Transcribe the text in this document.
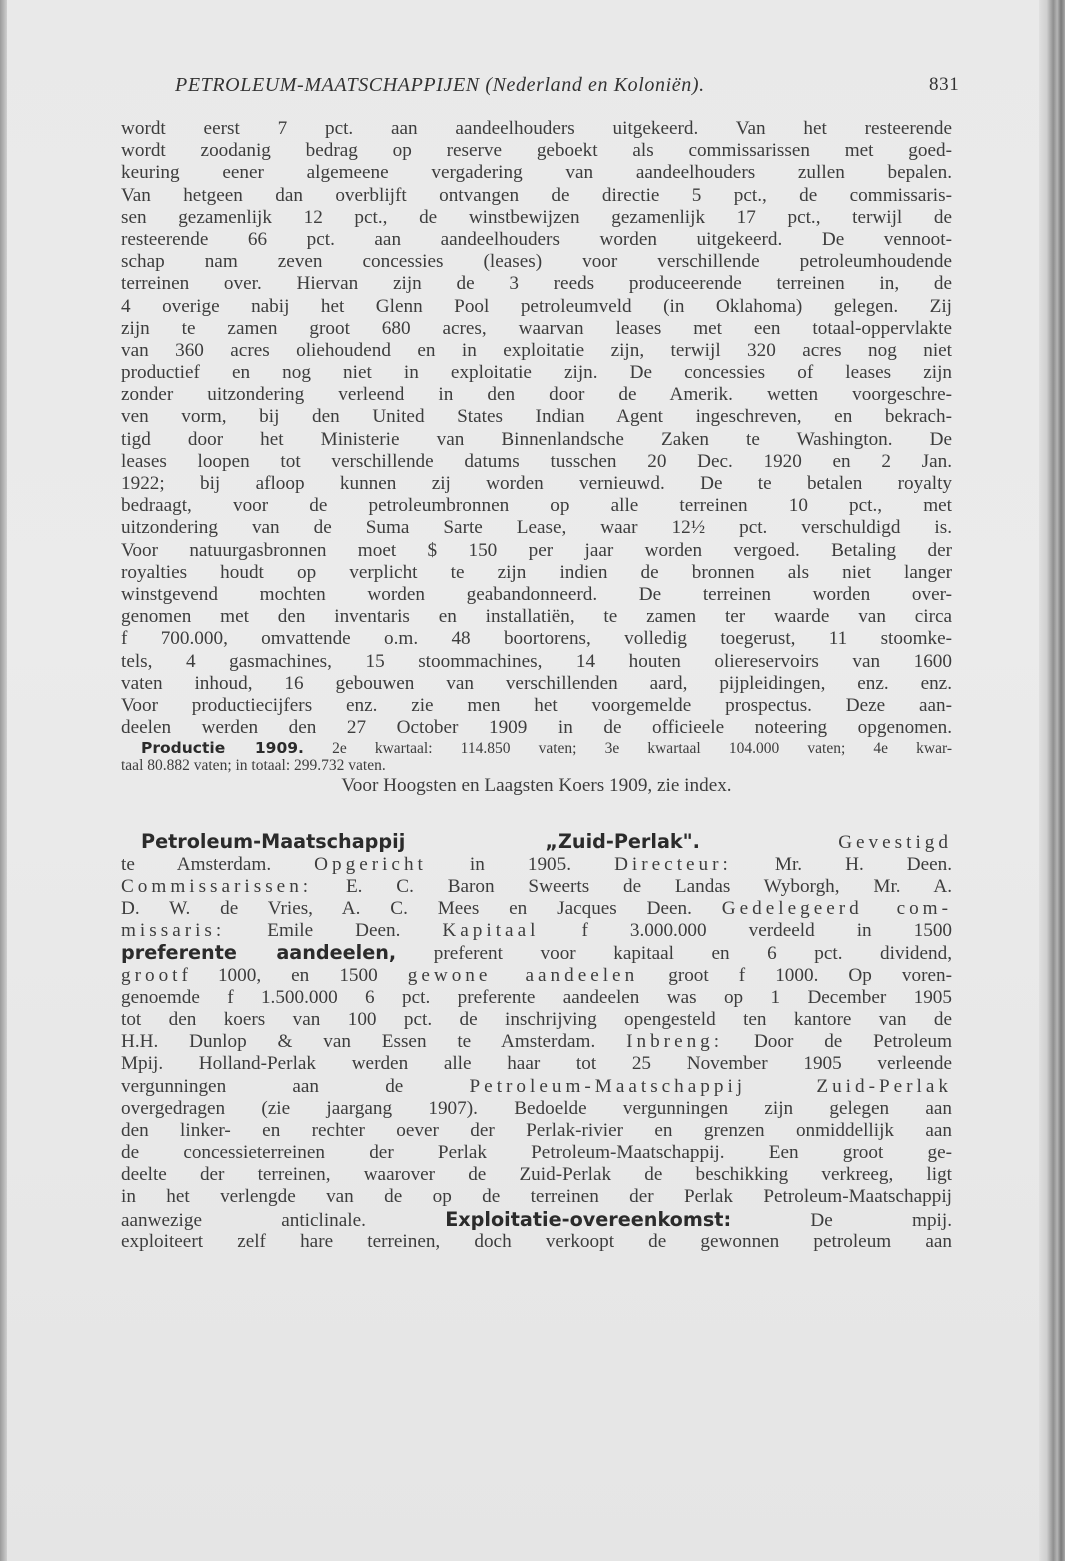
PETROLEUM-MAATSCHAPPIJEN (Nederland en Koloniën).	831
wordt eerst 7 pct. aan aandeelhouders uitgekeerd. Van het resteerende
wordt zoodanig bedrag op reserve geboekt als commissarissen met goed-
keuring eener algemeene vergadering van aandeelhouders zullen bepalen.
Van hetgeen dan overblijft ontvangen de directie 5 pct., de commissaris-
sen gezamenlijk 12 pct., de winstbewijzen gezamenlijk 17 pct., terwijl de
resteerende 66 pct. aan aandeelhouders worden uitgekeerd. De vennoot-
schap nam zeven concessies (leases) voor verschillende petroleumhoudende
terreinen over. Hiervan zijn de 3 reeds produceerende terreinen in, de
4 overige nabij het Glenn Pool petroleumveld (in Oklahoma) gelegen. Zij
zijn te zamen groot 680 acres, waarvan leases met een totaal-oppervlakte
van 360 acres oliehoudend en in exploitatie zijn, terwijl 320 acres nog niet
productief en nog niet in exploitatie zijn. De concessies of leases zijn
zonder uitzondering verleend in den door de Amerik. wetten voorgeschre-
ven vorm, bij den United States Indian Agent ingeschreven, en bekrach-
tigd door het Ministerie van Binnenlandsche Zaken te Washington. De
leases loopen tot verschillende datums tusschen 20 Dec. 1920 en 2 Jan.
1922; bij afloop kunnen zij worden vernieuwd. De te betalen royalty
bedraagt, voor de petroleumbronnen op alle terreinen 10 pct., met
uitzondering van de Suma Sarte Lease, waar 12½ pct. verschuldigd is.
Voor natuurgasbronnen moet $ 150 per jaar worden vergoed. Betaling der
royalties houdt op verplicht te zijn indien de bronnen als niet langer
winstgevend mochten worden geabandonneerd. De terreinen worden over-
genomen met den inventaris en installatiën, te zamen ter waarde van circa
f 700.000, omvattende o.m. 48 boortorens, volledig toegerust, 11 stoomke-
tels, 4 gasmachines, 15 stoommachines, 14 houten oliereservoirs van 1600
vaten inhoud, 16 gebouwen van verschillenden aard, pijpleidingen, enz. enz.
Voor productiecijfers enz. zie men het voorgemelde prospectus. Deze aan-
deelen werden den 27 October 1909 in de officieele noteering opgenomen.
Productie 1909. 2e kwartaal: 114.850 vaten; 3e kwartaal 104.000 vaten; 4e kwar-
taal 80.882 vaten; in totaal: 299.732 vaten.
Voor Hoogsten en Laagsten Koers 1909, zie index.
Petroleum-Maatschappij „Zuid-Perlak".	Gevestigd
te Amsterdam. Opgericht in 1905. Directeur: Mr. H. Deen.
Commissarissen: E. C. Baron Sweerts de Landas Wyborgh, Mr. A.
D. W. de Vries, A. C. Mees en Jacques Deen. Gedelegeerd com-
missaris: Emile Deen. Kapitaal f 3.000.000 verdeeld in 1500
preferente aandeelen, preferent voor kapitaal en 6 pct. dividend,
grootf 1000, en 1500 gewone aandeelen groot f 1000. Op voren-
genoemde f 1.500.000 6 pct. preferente aandeelen was op 1 December 1905
tot den koers van 100 pct. de inschrijving opengesteld ten kantore van de
H.H. Dunlop & van Essen te Amsterdam. Inbreng: Door de Petroleum
Mpij. Holland-Perlak werden alle haar tot 25 November 1905 verleende
vergunningen aan de	Petroleum-Maatschappij Zuid-Perlak
overgedragen (zie jaargang 1907). Bedoelde vergunningen zijn gelegen aan
den linker- en rechter oever der Perlak-rivier en grenzen onmiddellijk aan
de concessieterreinen der Perlak Petroleum-Maatschappij. Een groot ge-
deelte der terreinen, waarover de Zuid-Perlak de beschikking verkreeg, ligt
in het verlengde van de op de terreinen der Perlak Petroleum-Maatschappij
aanwezige anticlinale.	Exploitatie-overeenkomst:	De mpij.
exploiteert zelf hare terreinen, doch verkoopt de gewonnen petroleum aan
